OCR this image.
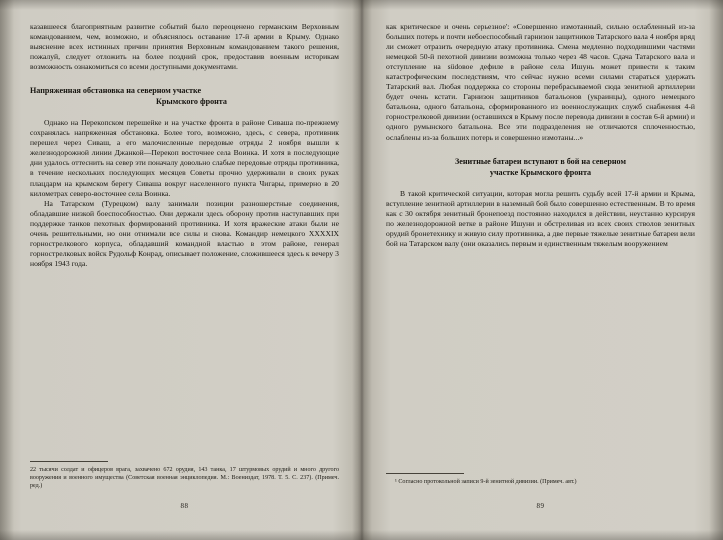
казавшееся благоприятным развитие событий было переоценено германским Верховным командованием, чем, возможно, и объяснялось оставание 17-й армии в Крыму. Однако выяснение всех истинных причин принятия Верховным командованием такого решения, пожалуй, следует отложить на более поздний срок, предоставив военным историкам возможность ознакомиться со всеми доступными документами.

Напряженная обстановка на северном участке
Крымского фронта

Однако на Перекопском перешейке и на участке фронта в районе Сиваша по-прежнему сохранялась напряженная обстановка. Более того, возможно, здесь, с севера, противник перешел через Сиваш, а его малочисленные передовые отряды 2 ноября вышли к железнодорожной линии Джанкой—Перекоп восточнее села Воинка. И хотя в последующие дни удалось оттеснить на север эти поначалу довольно слабые передовые отряды противника, в течение нескольких последующих месяцев Советы прочно удерживали в своих руках плацдарм на крымском берегу Сиваша вокруг населенного пункта Чигары, примерно в 20 километрах северо-восточнее села Воинка.

На Татарском (Турецком) валу занимали позиции разношерстные соединения, обладавшие низкой боеспособностью. Они держали здесь оборону против наступавших при поддержке танков пехотных формирований противника. И хотя вражеские атаки были не очень решительными, но они отнимали все силы и снова. Командир немецкого XXXXIX горнострелкового корпуса, обладавший командной властью в этом районе, генерал горнострелковых войск Рудольф Конрад, описывает положение, сложившееся здесь к вечеру 3 ноября 1943 года.

22 тысячи солдат и офицеров врага, захвачено 672 орудия, 143 танка, 17 штурмовых орудий и много другого вооружения и военного имущества (Советская военная энциклопедия. М.: Воениздат, 1978. Т. 5. С. 237). (Примеч. ред.)

88

как критическое и очень серьезное': «Совершенно измотанный, сильно ослабленный из-за больших потерь и почти небоеспособный гарнизон защитников Татарского вала 4 ноября вряд ли сможет отразить очередную атаку противника. Смена медленно подходившими частями немецкой 50-й пехотной дивизии возможна только через 48 часов. Сдача Татарского вала и отступление на südовое дефиле в районе села Ишунь может привести к таким катастрофическим последствиям, что сейчас нужно всеми силами стараться удержать Татарский вал. Любая поддержка со стороны перебрасываемой сюда зенитной артиллерии будет очень кстати. Гарнизон защитников батальонов (украинцы), одного немецкого батальона, одного батальона, сформированного из военнослужащих служб снабжения 4-й горнострелковой дивизии (оставшихся в Крыму после перевода дивизии в состав 6-й армии) и одного румынского батальона. Все эти подразделения не отличаются сплоченностью, ослаблены из-за больших потерь и совершенно измотаны...»

Зенитные батареи вступают в бой на северном
участке Крымского фронта

В такой критической ситуации, которая могла решить судьбу всей 17-й армии и Крыма, вступление зенитной артиллерии в наземный бой было совершенно естественным. В то время как с 30 октября зенитный бронепоезд постоянно находился в действии, неустанно курсируя по железнодорожной ветке в районе Ишуни и обстреливая из всех своих стволов зенитных орудий бронетехнику и живую силу противника, а две первые тяжелые зенитные батареи вели бой на Татарском валу (они оказались первым и единственным тяжелым вооружением

¹ Согласно протокольной записи 9-й зенитной дивизии. (Примеч. авт.)

89
